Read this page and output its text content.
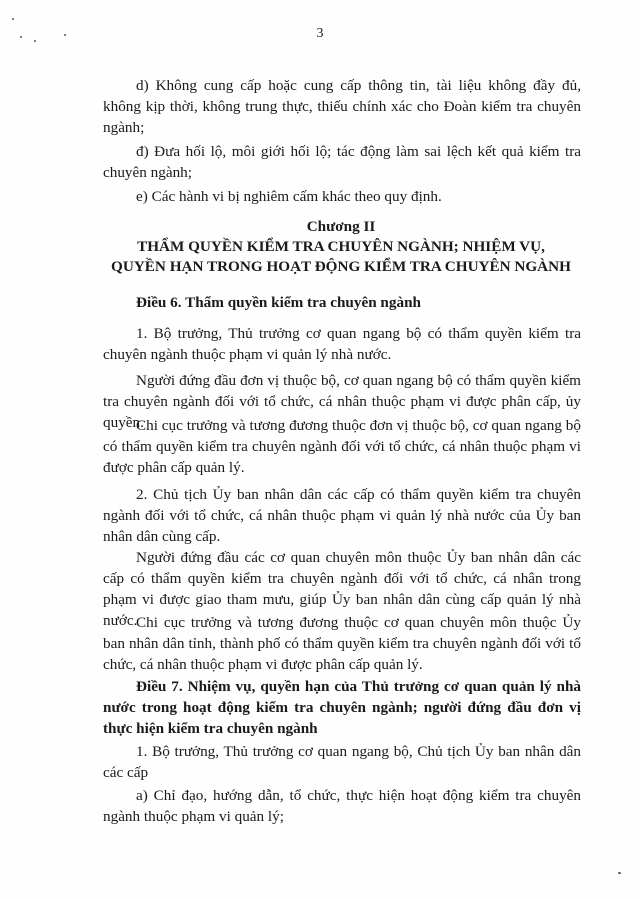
3

d) Không cung cấp hoặc cung cấp thông tin, tài liệu không đầy đủ, không kịp thời, không trung thực, thiếu chính xác cho Đoàn kiểm tra chuyên ngành;

đ) Đưa hối lộ, môi giới hối lộ; tác động làm sai lệch kết quả kiểm tra chuyên ngành;

e) Các hành vi bị nghiêm cấm khác theo quy định.

Chương II
THẨM QUYỀN KIỂM TRA CHUYÊN NGÀNH; NHIỆM VỤ,
QUYỀN HẠN TRONG HOẠT ĐỘNG KIỂM TRA CHUYÊN NGÀNH

Điều 6. Thẩm quyền kiểm tra chuyên ngành

1. Bộ trưởng, Thủ trưởng cơ quan ngang bộ có thẩm quyền kiểm tra chuyên ngành thuộc phạm vi quản lý nhà nước.

Người đứng đầu đơn vị thuộc bộ, cơ quan ngang bộ có thẩm quyền kiểm tra chuyên ngành đối với tổ chức, cá nhân thuộc phạm vi được phân cấp, ủy quyền.

Chi cục trưởng và tương đương thuộc đơn vị thuộc bộ, cơ quan ngang bộ có thẩm quyền kiểm tra chuyên ngành đối với tổ chức, cá nhân thuộc phạm vi được phân cấp quản lý.

2. Chủ tịch Ủy ban nhân dân các cấp có thẩm quyền kiểm tra chuyên ngành đối với tổ chức, cá nhân thuộc phạm vi quản lý nhà nước của Ủy ban nhân dân cùng cấp.

Người đứng đầu các cơ quan chuyên môn thuộc Ủy ban nhân dân các cấp có thẩm quyền kiểm tra chuyên ngành đối với tổ chức, cá nhân trong phạm vi được giao tham mưu, giúp Ủy ban nhân dân cùng cấp quản lý nhà nước.

Chi cục trưởng và tương đương thuộc cơ quan chuyên môn thuộc Ủy ban nhân dân tỉnh, thành phố có thẩm quyền kiểm tra chuyên ngành đối với tổ chức, cá nhân thuộc phạm vi được phân cấp quản lý.

Điều 7. Nhiệm vụ, quyền hạn của Thủ trưởng cơ quan quản lý nhà nước trong hoạt động kiểm tra chuyên ngành; người đứng đầu đơn vị thực hiện kiểm tra chuyên ngành

1. Bộ trưởng, Thủ trưởng cơ quan ngang bộ, Chủ tịch Ủy ban nhân dân các cấp

a) Chỉ đạo, hướng dẫn, tổ chức, thực hiện hoạt động kiểm tra chuyên ngành thuộc phạm vi quản lý;
